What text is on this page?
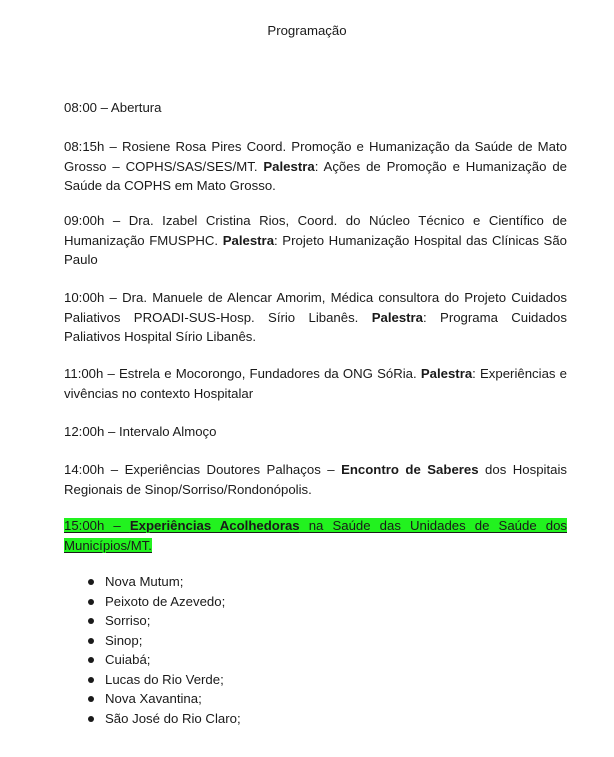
Programação
08:00 – Abertura
08:15h – Rosiene Rosa Pires Coord. Promoção e Humanização da Saúde de Mato Grosso – COPHS/SAS/SES/MT. Palestra: Ações de Promoção e Humanização de Saúde da COPHS em Mato Grosso.
09:00h – Dra. Izabel Cristina Rios, Coord. do Núcleo Técnico e Científico de Humanização FMUSPHC. Palestra: Projeto Humanização Hospital das Clínicas São Paulo
10:00h – Dra. Manuele de Alencar Amorim, Médica consultora do Projeto Cuidados Paliativos PROADI-SUS-Hosp. Sírio Libanês. Palestra: Programa Cuidados Paliativos Hospital Sírio Libanês.
11:00h – Estrela e Mocorongo, Fundadores da ONG SóRia. Palestra: Experiências e vivências no contexto Hospitalar
12:00h – Intervalo Almoço
14:00h – Experiências Doutores Palhaços – Encontro de Saberes dos Hospitais Regionais de Sinop/Sorriso/Rondonópolis.
15:00h – Experiências Acolhedoras na Saúde das Unidades de Saúde dos Municípios/MT.
Nova Mutum;
Peixoto de Azevedo;
Sorriso;
Sinop;
Cuiabá;
Lucas do Rio Verde;
Nova Xavantina;
São José do Rio Claro;
